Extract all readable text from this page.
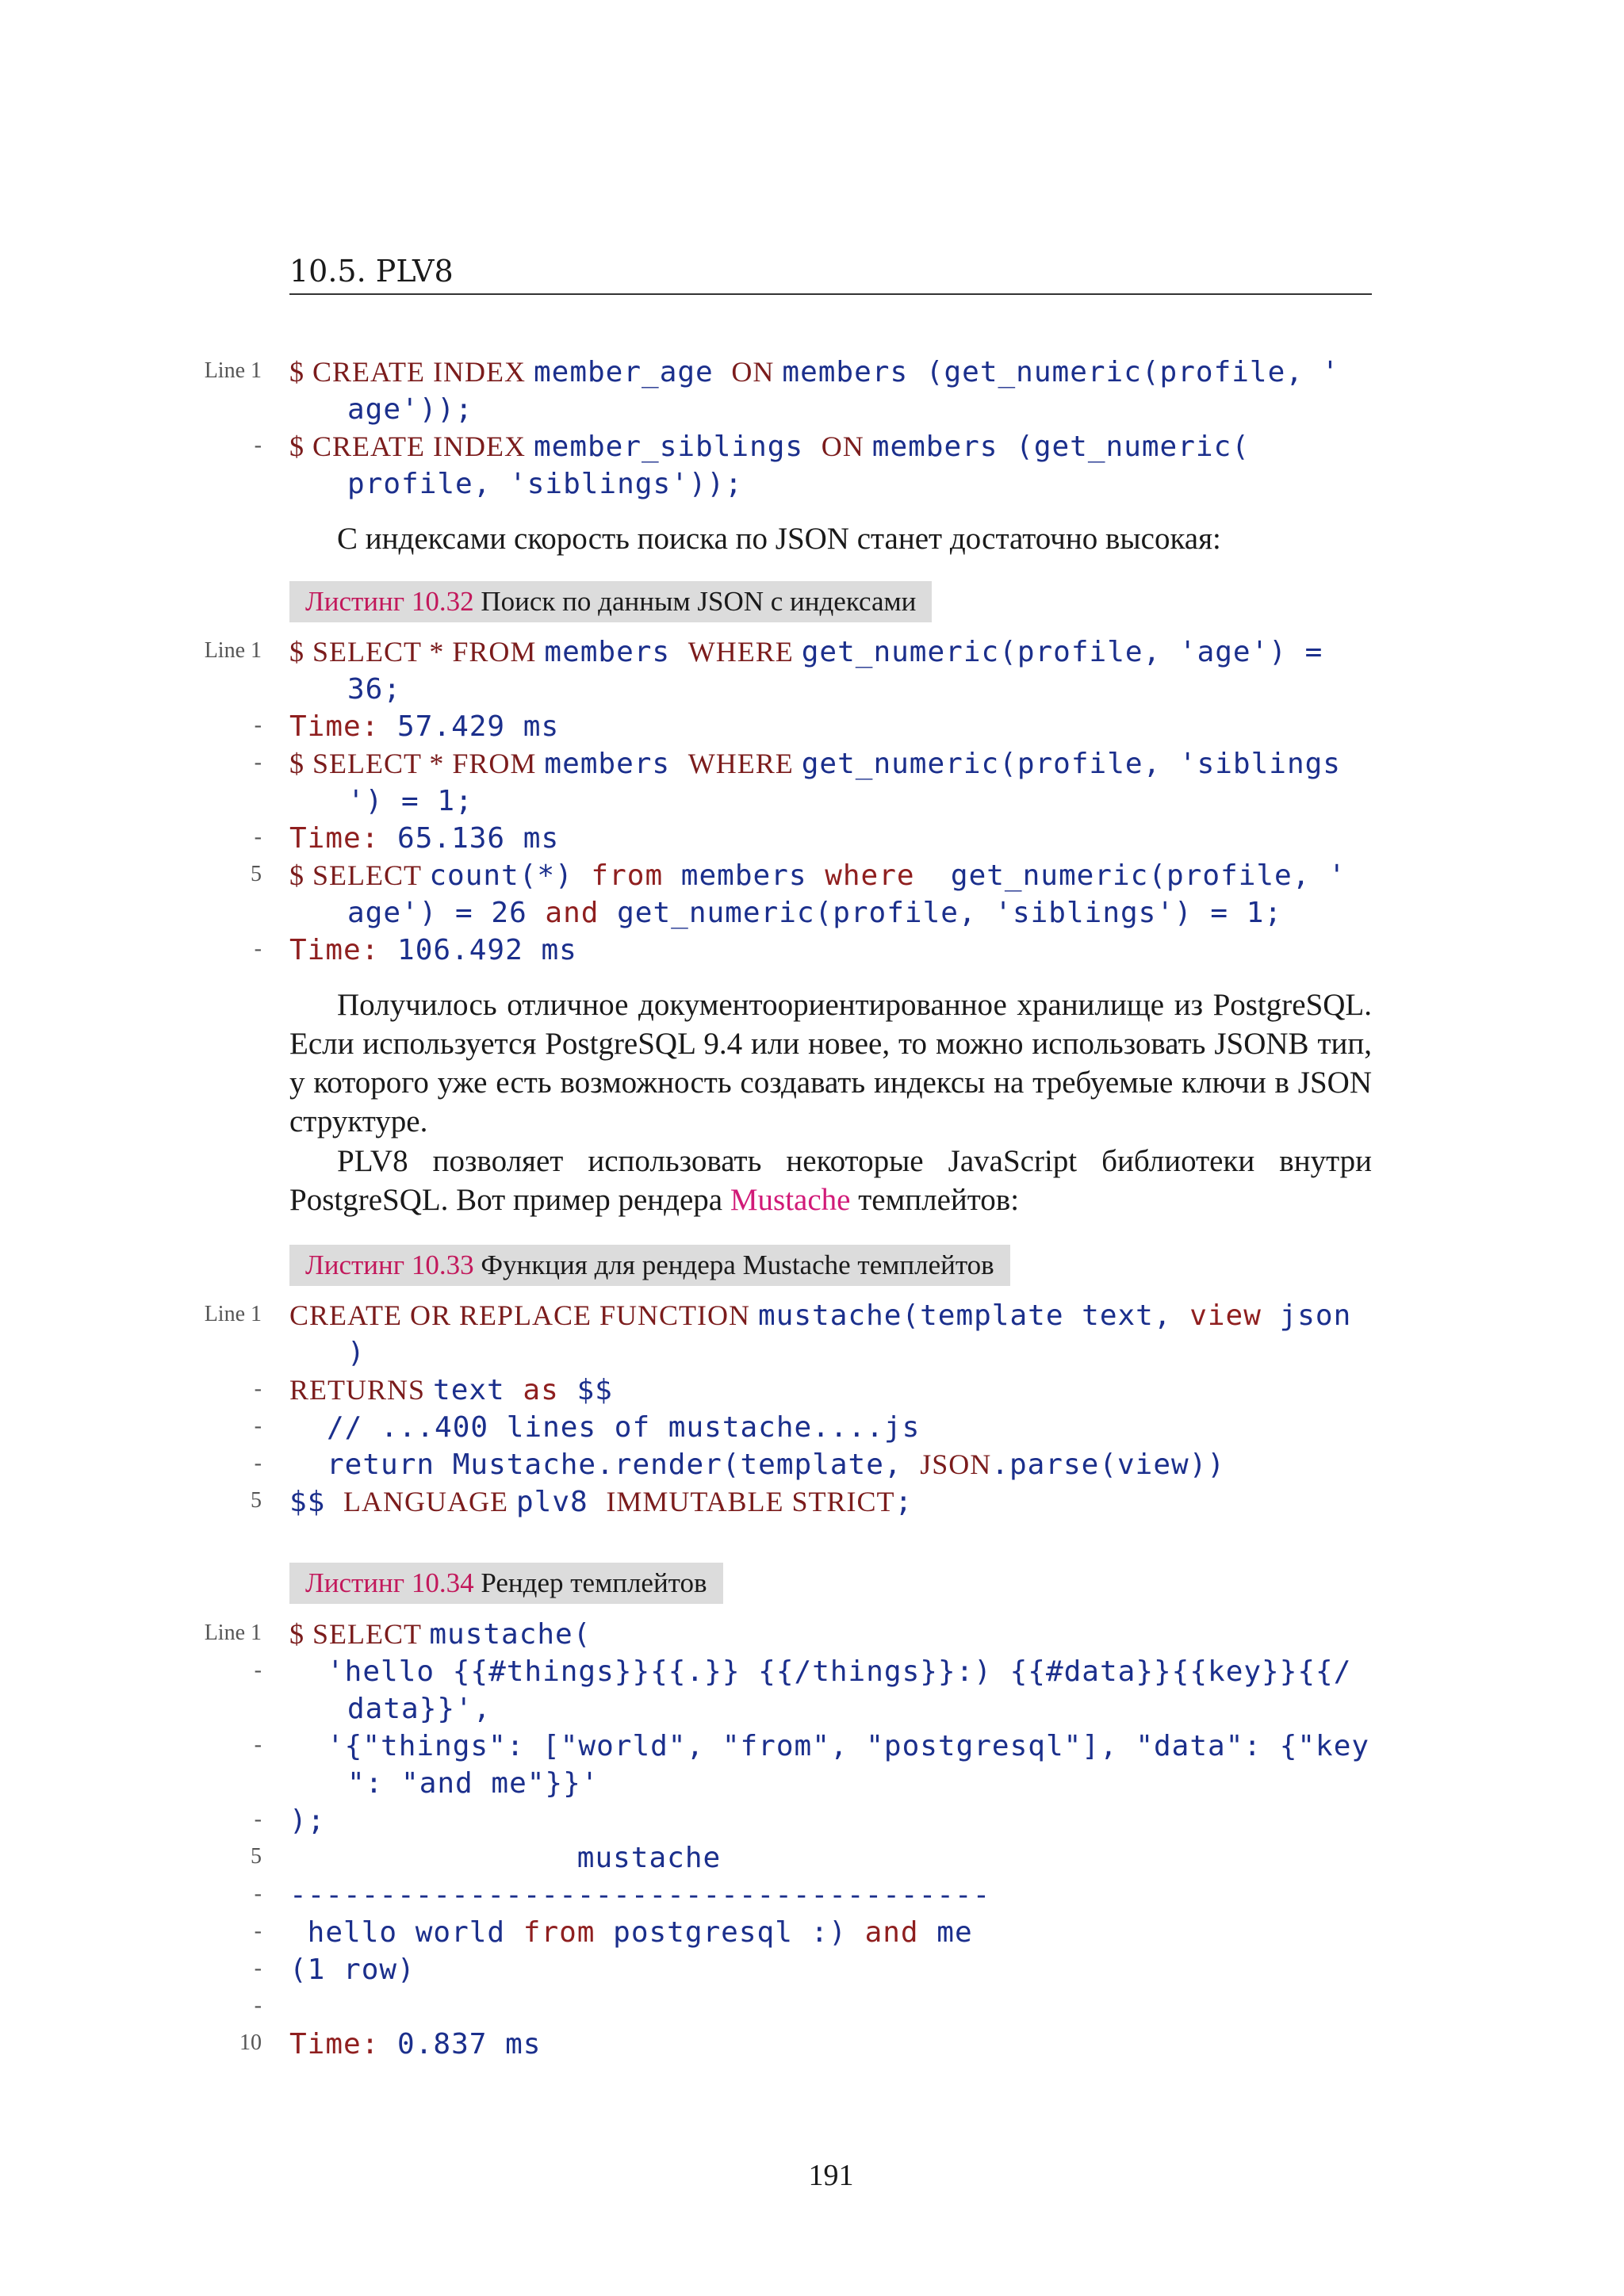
10.5. PLV8
Line 1 $ CREATE INDEX member_age ON members (get_numeric(profile, '
age'));
- $ CREATE INDEX member_siblings ON members (get_numeric(
profile, 'siblings'));
С индексами скорость поиска по JSON станет достаточно высокая:
Листинг 10.32 Поиск по данным JSON с индексами
Line 1 $ SELECT * FROM members WHERE get_numeric(profile, 'age') =
36;
- Time: 57.429 ms
- $ SELECT * FROM members WHERE get_numeric(profile, 'siblings
') = 1;
- Time: 65.136 ms
5 $ SELECT count(*) from members where  get_numeric(profile, '
age') = 26 and get_numeric(profile, 'siblings') = 1;
- Time: 106.492 ms
Получилось отличное документоориентированное хранилище из PostgreSQL. Если используется PostgreSQL 9.4 или новее, то можно использовать JSONB тип, у которого уже есть возможность создавать индексы на требуемые ключи в JSON структуре.
PLV8 позволяет использовать некоторые JavaScript библиотеки внутри PostgreSQL. Вот пример рендера Mustache темплейтов:
Листинг 10.33 Функция для рендера Mustache темплейтов
Line 1 CREATE OR REPLACE FUNCTION mustache(template text, view json
)
- RETURNS text as $$
- // ...400 lines of mustache....js
- return Mustache.render(template, JSON.parse(view))
5 $$ LANGUAGE plv8 IMMUTABLE STRICT;
Листинг 10.34 Рендер темплейтов
Line 1 $ SELECT mustache(
- 'hello {{#things}}{{.}} {{/things}}:) {{#data}}{{key}}{{/
data}}',
- '{"things": ["world", "from", "postgresql"], "data": {"key
": "and me"}}'
- );
5 mustache
- ---------------------------------------
- hello world from postgresql :) and me
- (1 row)
-
10 Time: 0.837 ms
191
